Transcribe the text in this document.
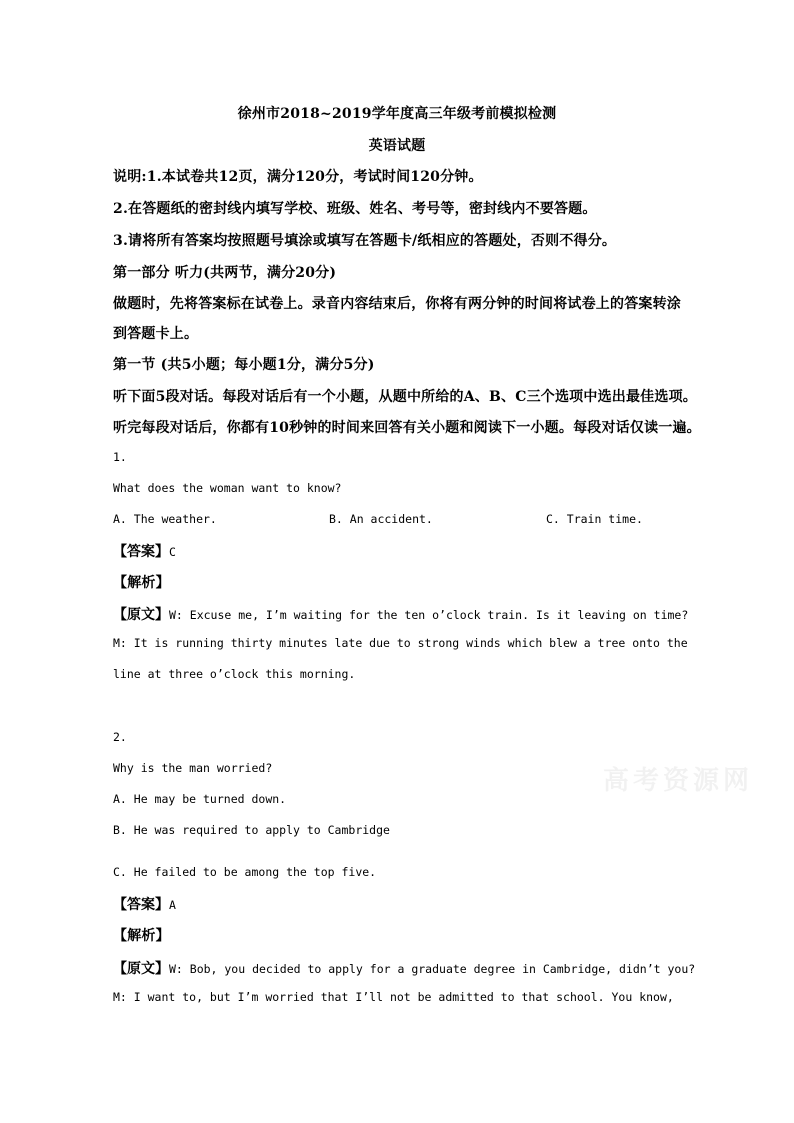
徐州市2018~2019学年度高三年级考前模拟检测
英语试题
说明:1.本试卷共12页，满分120分，考试时间120分钟。
2.在答题纸的密封线内填写学校、班级、姓名、考号等，密封线内不要答题。
3.请将所有答案均按照题号填涂或填写在答题卡/纸相应的答题处，否则不得分。
第一部分 听力(共两节，满分20分)
做题时，先将答案标在试卷上。录音内容结束后，你将有两分钟的时间将试卷上的答案转涂
到答题卡上。
第一节 (共5小题；每小题1分，满分5分)
听下面5段对话。每段对话后有一个小题，从题中所给的A、B、C三个选项中选出最佳选项。
听完每段对话后，你都有10秒钟的时间来回答有关小题和阅读下一小题。每段对话仅读一遍。
1.
What does the woman want to know?
A. The weather.	B. An accident.	C. Train time.
【答案】C
【解析】
【原文】W: Excuse me, I’m waiting for the ten o’clock train. Is it leaving on time?
M: It is running thirty minutes late due to strong winds which blew a tree onto the
line at three o’clock this morning.
2.
Why is the man worried?
A. He may be turned down.
B. He was required to apply to Cambridge
C. He failed to be among the top five.
【答案】A
【解析】
【原文】W: Bob, you decided to apply for a graduate degree in Cambridge, didn’t you?
M: I want to, but I’m worried that I’ll not be admitted to that school. You know,
高考资源网
